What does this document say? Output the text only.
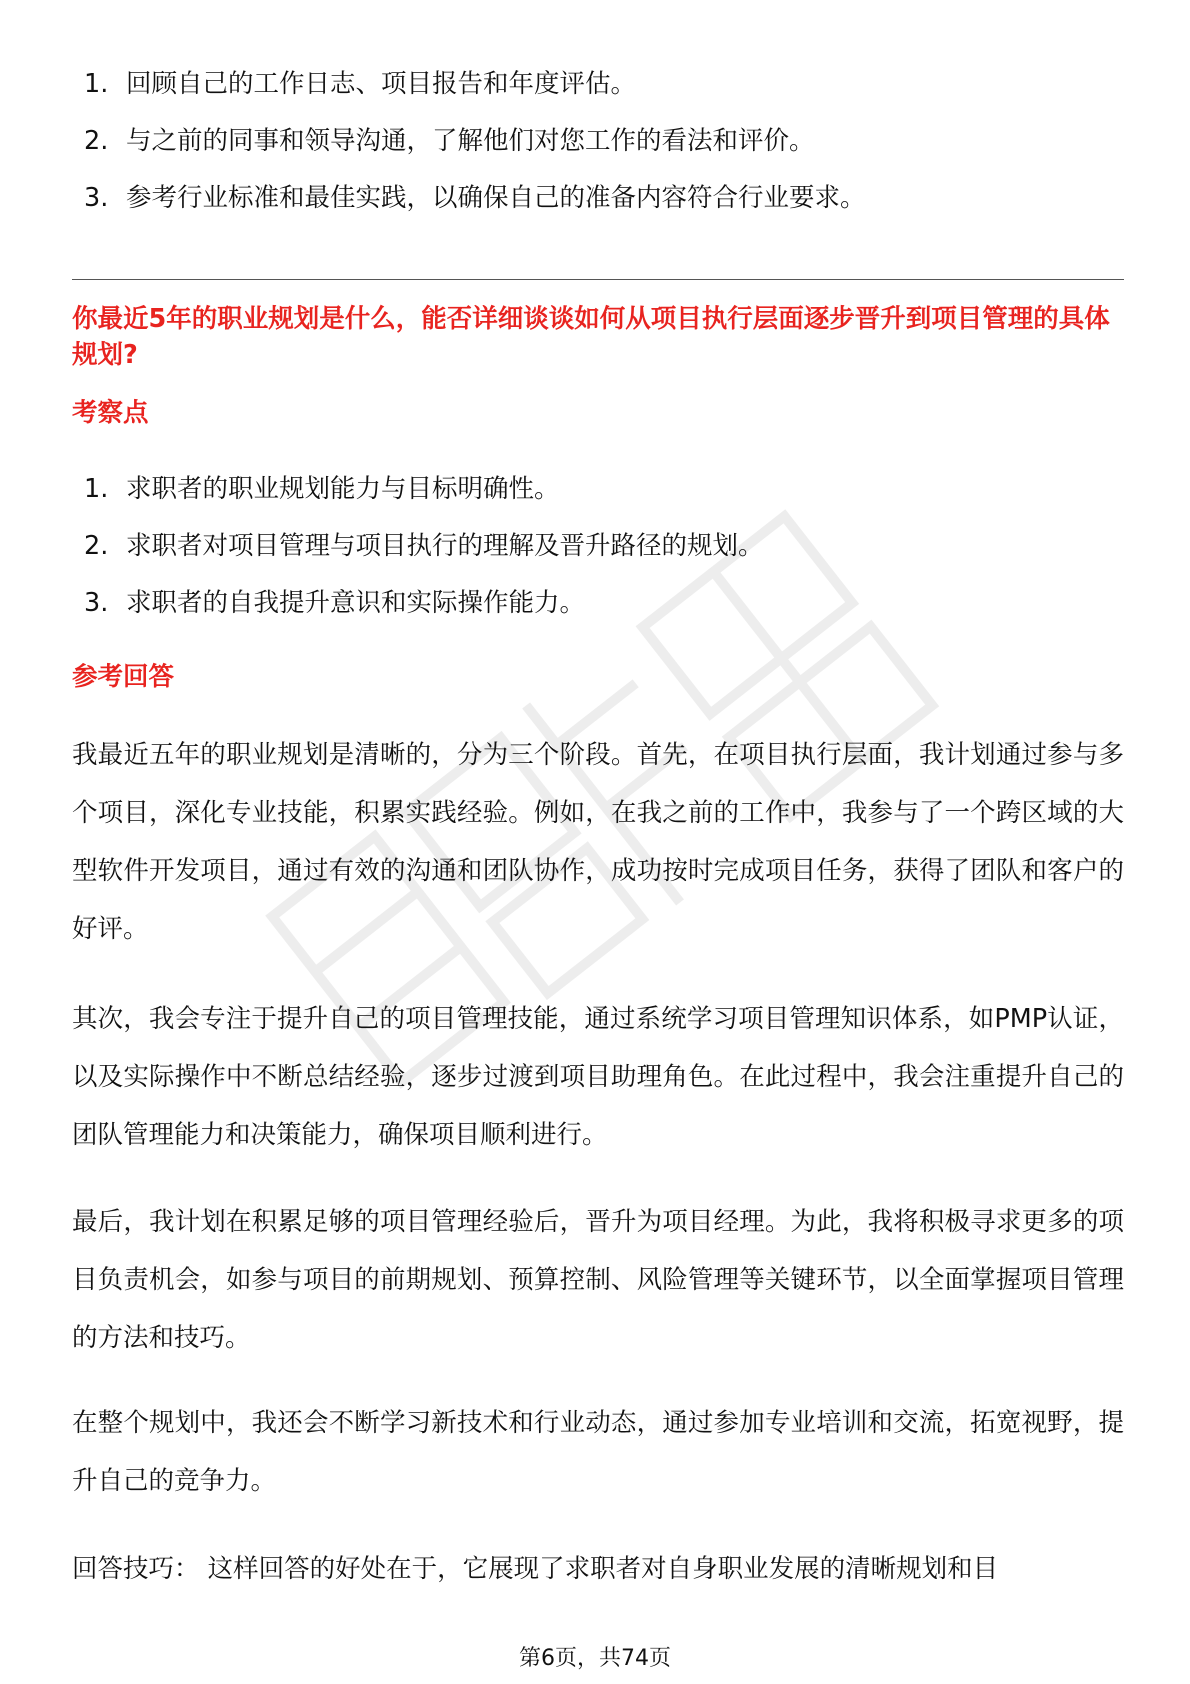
1. 回顾自己的工作日志、项目报告和年度评估。
2. 与之前的同事和领导沟通，了解他们对您工作的看法和评价。
3. 参考行业标准和最佳实践，以确保自己的准备内容符合行业要求。
你最近5年的职业规划是什么，能否详细谈谈如何从项目执行层面逐步晋升到项目管理的具体规划?
考察点
1. 求职者的职业规划能力与目标明确性。
2. 求职者对项目管理与项目执行的理解及晋升路径的规划。
3. 求职者的自我提升意识和实际操作能力。
参考回答

我最近五年的职业规划是清晰的，分为三个阶段。首先，在项目执行层面，我计划通过参与多个项目，深化专业技能，积累实践经验。例如，在我之前的工作中，我参与了一个跨区域的大型软件开发项目，通过有效的沟通和团队协作，成功按时完成项目任务，获得了团队和客户的好评。

其次，我会专注于提升自己的项目管理技能，通过系统学习项目管理知识体系，如PMP认证，以及实际操作中不断总结经验，逐步过渡到项目助理角色。在此过程中，我会注重提升自己的团队管理能力和决策能力，确保项目顺利进行。

最后，我计划在积累足够的项目管理经验后，晋升为项目经理。为此，我将积极寻求更多的项目负责机会，如参与项目的前期规划、预算控制、风险管理等关键环节，以全面掌握项目管理的方法和技巧。

在整个规划中，我还会不断学习新技术和行业动态，通过参加专业培训和交流，拓宽视野，提升自己的竞争力。

回答技巧： 这样回答的好处在于，它展现了求职者对自身职业发展的清晰规划和目

第6页，共74页
